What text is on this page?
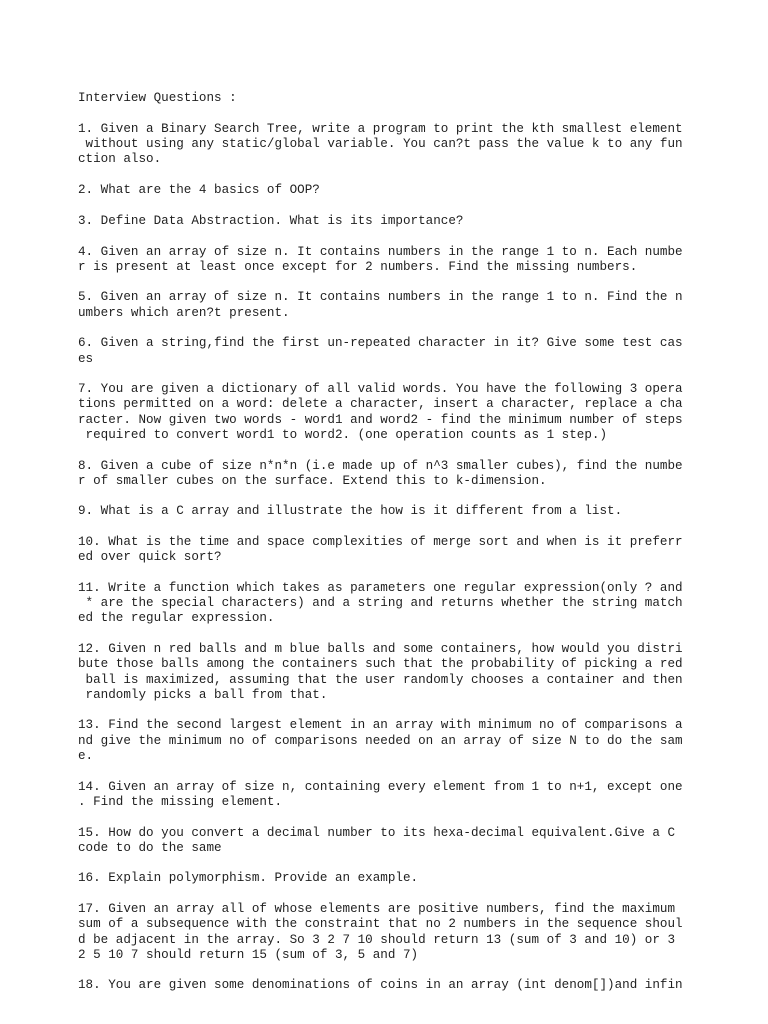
Interview Questions :
1. Given a Binary Search Tree, write a program to print the kth smallest element
without using any static/global variable. You can?t pass the value k to any fun
ction also.
2. What are the 4 basics of OOP?
3. Define Data Abstraction. What is its importance?
4. Given an array of size n. It contains numbers in the range 1 to n. Each numbe
r is present at least once except for 2 numbers. Find the missing numbers.
5. Given an array of size n. It contains numbers in the range 1 to n. Find the n
umbers which aren?t present.
6. Given a string,find the first un-repeated character in it? Give some test cas
es
7. You are given a dictionary of all valid words. You have the following 3 opera
tions permitted on a word: delete a character, insert a character, replace a cha
racter. Now given two words - word1 and word2 - find the minimum number of steps
required to convert word1 to word2. (one operation counts as 1 step.)
8. Given a cube of size n*n*n (i.e made up of n^3 smaller cubes), find the numbe
r of smaller cubes on the surface. Extend this to k-dimension.
9. What is a C array and illustrate the how is it different from a list.
10. What is the time and space complexities of merge sort and when is it preferr
ed over quick sort?
11. Write a function which takes as parameters one regular expression(only ? and
* are the special characters) and a string and returns whether the string match
ed the regular expression.
12. Given n red balls and m blue balls and some containers, how would you distri
bute those balls among the containers such that the probability of picking a red
ball is maximized, assuming that the user randomly chooses a container and then
randomly picks a ball from that.
13. Find the second largest element in an array with minimum no of comparisons a
nd give the minimum no of comparisons needed on an array of size N to do the sam
e.
14. Given an array of size n, containing every element from 1 to n+1, except one
. Find the missing element.
15. How do you convert a decimal number to its hexa-decimal equivalent.Give a C
code to do the same
16. Explain polymorphism. Provide an example.
17. Given an array all of whose elements are positive numbers, find the maximum
sum of a subsequence with the constraint that no 2 numbers in the sequence shoul
d be adjacent in the array. So 3 2 7 10 should return 13 (sum of 3 and 10) or 3
2 5 10 7 should return 15 (sum of 3, 5 and 7)
18. You are given some denominations of coins in an array (int denom[])and infin
